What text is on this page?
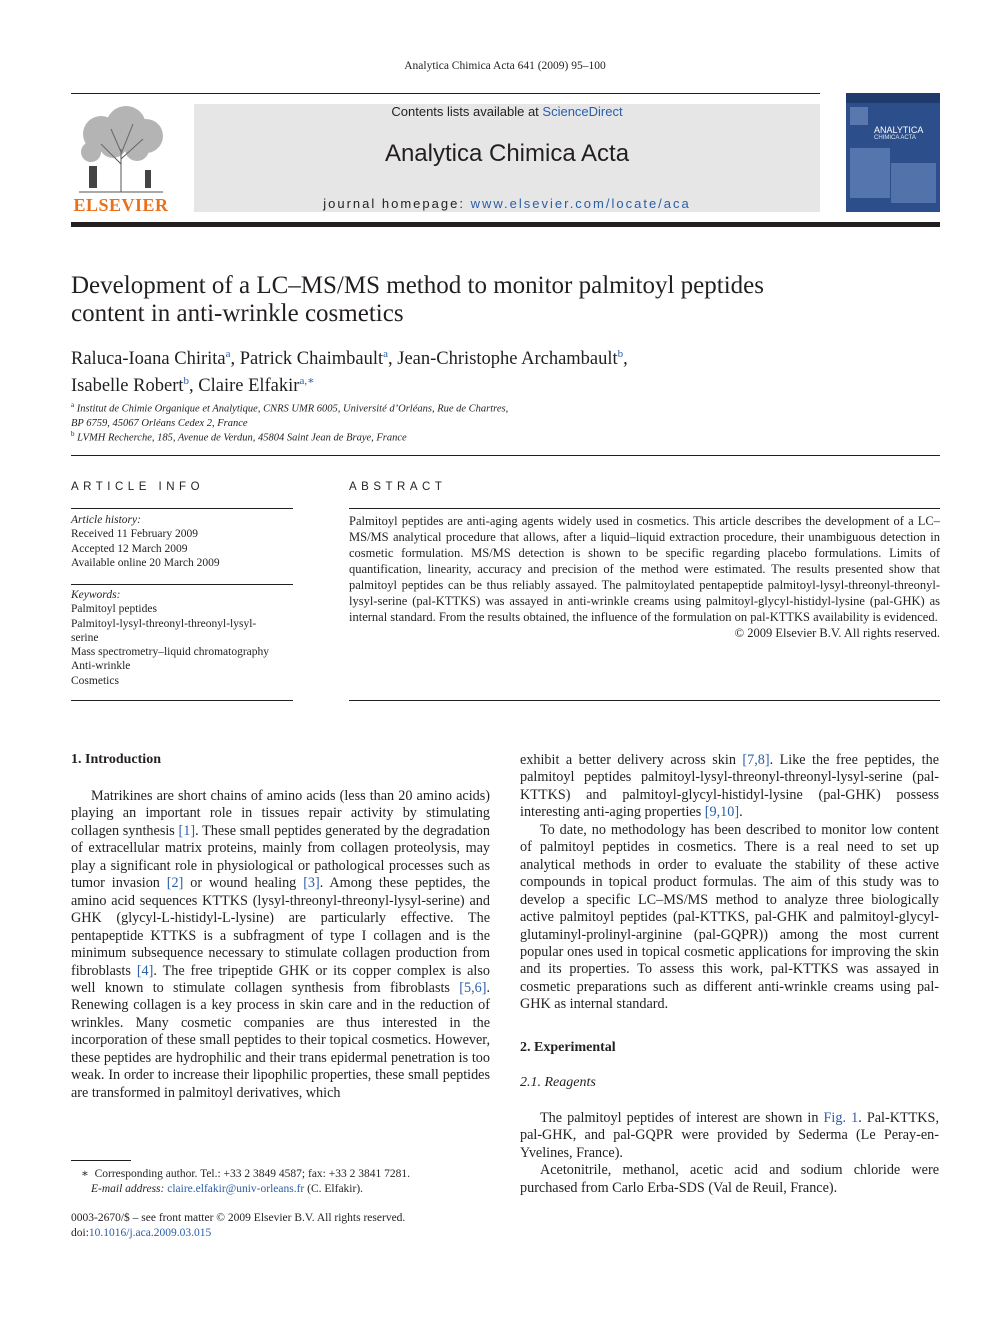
Analytica Chimica Acta 641 (2009) 95–100
ELSEVIER
Contents lists available at ScienceDirect
Analytica Chimica Acta
journal homepage: www.elsevier.com/locate/aca
ANALYTICA
CHIMICA ACTA
Development of a LC–MS/MS method to monitor palmitoyl peptides
content in anti-wrinkle cosmetics
Raluca-Ioana Chirita$^a$, Patrick Chaimbault$^a$, Jean-Christophe Archambault$^b$,
Isabelle Robert$^b$, Claire Elfakir$^{a,∗}$
$^a$ Institut de Chimie Organique et Analytique, CNRS UMR 6005, Université d’Orléans, Rue de Chartres,
BP 6759, 45067 Orléans Cedex 2, France
$^b$ LVMH Recherche, 185, Avenue de Verdun, 45804 Saint Jean de Braye, France
ARTICLE INFO
Article history:
Received 11 February 2009
Accepted 12 March 2009
Available online 20 March 2009
Keywords:
Palmitoyl peptides
Palmitoyl-lysyl-threonyl-threonyl-lysyl-
serine
Mass spectrometry–liquid chromatography
Anti-wrinkle
Cosmetics
ABSTRACT
Palmitoyl peptides are anti-aging agents widely used in cosmetics. This article describes the development of a LC–MS/MS analytical procedure that allows, after a liquid–liquid extraction procedure, their unambiguous detection in cosmetic formulation. MS/MS detection is shown to be specific regarding placebo formulations. Limits of quantification, linearity, accuracy and precision of the method were estimated. The results presented show that palmitoyl peptides can be thus reliably assayed. The palmitoylated pentapeptide palmitoyl-lysyl-threonyl-threonyl-lysyl-serine (pal-KTTKS) was assayed in anti-wrinkle creams using palmitoyl-glycyl-histidyl-lysine (pal-GHK) as internal standard. From the results obtained, the influence of the formulation on pal-KTTKS availability is evidenced.
© 2009 Elsevier B.V. All rights reserved.
1. Introduction

Matrikines are short chains of amino acids (less than 20 amino acids) playing an important role in tissues repair activity by stimulating collagen synthesis [1]. These small peptides generated by the degradation of extracellular matrix proteins, mainly from collagen proteolysis, may play a significant role in physiological or pathological processes such as tumor invasion [2] or wound healing [3]. Among these peptides, the amino acid sequences KTTKS (lysyl-threonyl-threonyl-lysyl-serine) and GHK (glycyl-L-histidyl-L-lysine) are particularly effective. The pentapeptide KTTKS is a subfragment of type I collagen and is the minimum subsequence necessary to stimulate collagen production from fibroblasts [4]. The free tripeptide GHK or its copper complex is also well known to stimulate collagen synthesis from fibroblasts [5,6]. Renewing collagen is a key process in skin care and in the reduction of wrinkles. Many cosmetic companies are thus interested in the incorporation of these small peptides to their topical cosmetics. However, these peptides are hydrophilic and their trans epidermal penetration is too weak. In order to increase their lipophilic properties, these small peptides are transformed in palmitoyl derivatives, which

∗ Corresponding author. Tel.: +33 2 3849 4587; fax: +33 2 3841 7281.
E-mail address: claire.elfakir@univ-orleans.fr (C. Elfakir).
0003-2670/$ – see front matter © 2009 Elsevier B.V. All rights reserved.
doi:10.1016/j.aca.2009.03.015

exhibit a better delivery across skin [7,8]. Like the free peptides, the palmitoyl peptides palmitoyl-lysyl-threonyl-threonyl-lysyl-serine (pal-KTTKS) and palmitoyl-glycyl-histidyl-lysine (pal-GHK) possess interesting anti-aging properties [9,10].

To date, no methodology has been described to monitor low content of palmitoyl peptides in cosmetics. There is a real need to set up analytical methods in order to evaluate the stability of these active compounds in topical product formulas. The aim of this study was to develop a specific LC–MS/MS method to analyze three biologically active palmitoyl peptides (pal-KTTKS, pal-GHK and palmitoyl-glycyl-glutaminyl-prolinyl-arginine (pal-GQPR)) among the most current popular ones used in topical cosmetic applications for improving the skin and its properties. To assess this work, pal-KTTKS was assayed in cosmetic preparations such as different anti-wrinkle creams using pal-GHK as internal standard.

2. Experimental
2.1. Reagents

The palmitoyl peptides of interest are shown in Fig. 1. Pal-KTTKS, pal-GHK, and pal-GQPR were provided by Sederma (Le Peray-en-Yvelines, France).

Acetonitrile, methanol, acetic acid and sodium chloride were purchased from Carlo Erba-SDS (Val de Reuil, France).
